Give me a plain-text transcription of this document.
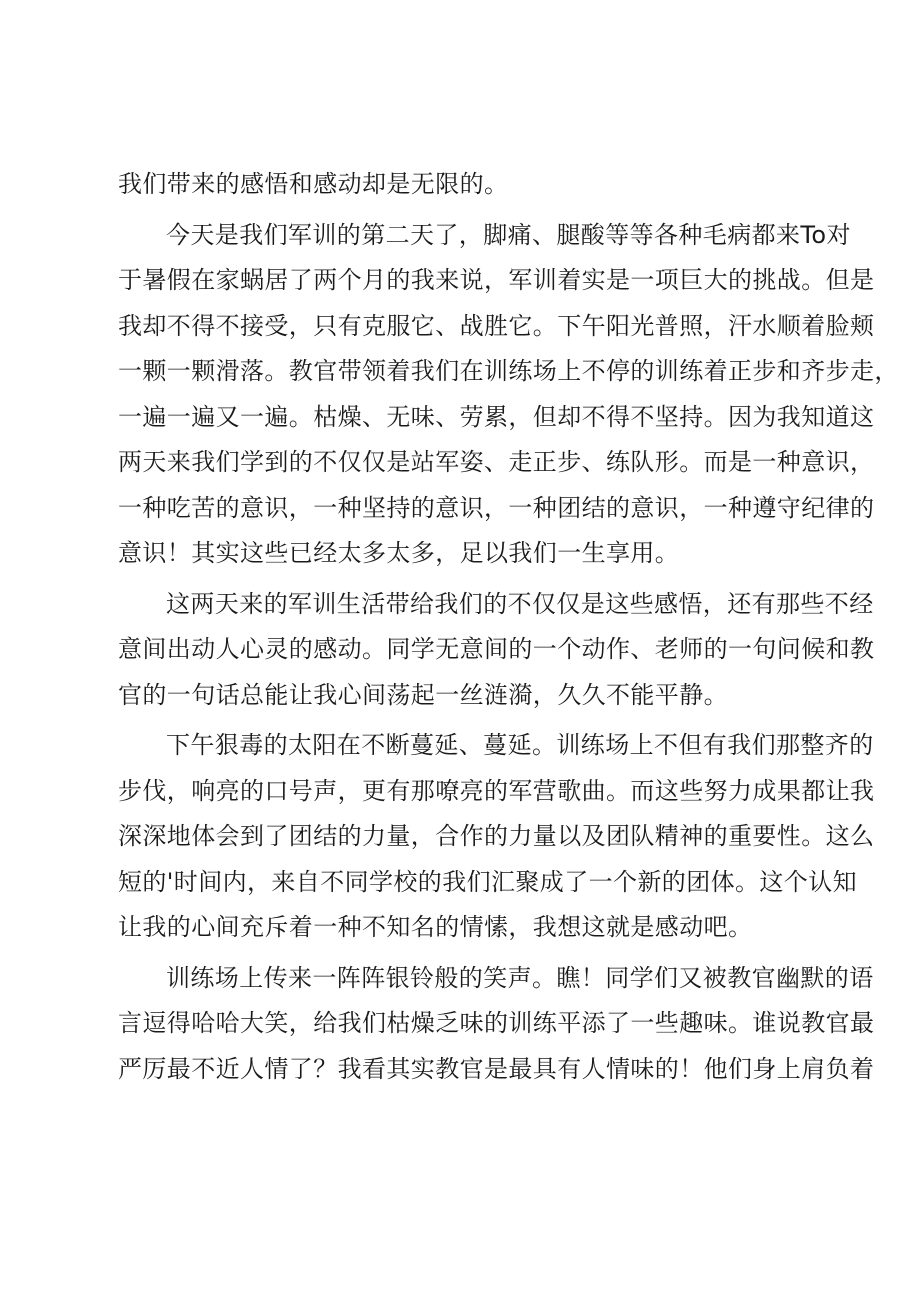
我们带来的感悟和感动却是无限的。
今天是我们军训的第二天了，脚痛、腿酸等等各种毛病都来To对
于暑假在家蜗居了两个月的我来说，军训着实是一项巨大的挑战。但是
我却不得不接受，只有克服它、战胜它。下午阳光普照，汗水顺着脸颊
一颗一颗滑落。教官带领着我们在训练场上不停的训练着正步和齐步走，
一遍一遍又一遍。枯燥、无味、劳累，但却不得不坚持。因为我知道这
两天来我们学到的不仅仅是站军姿、走正步、练队形。而是一种意识，
一种吃苦的意识，一种坚持的意识，一种团结的意识，一种遵守纪律的
意识！其实这些已经太多太多，足以我们一生享用。
这两天来的军训生活带给我们的不仅仅是这些感悟，还有那些不经
意间出动人心灵的感动。同学无意间的一个动作、老师的一句问候和教
官的一句话总能让我心间荡起一丝涟漪，久久不能平静。
下午狠毒的太阳在不断蔓延、蔓延。训练场上不但有我们那整齐的
步伐，响亮的口号声，更有那嘹亮的军营歌曲。而这些努力成果都让我
深深地体会到了团结的力量，合作的力量以及团队精神的重要性。这么
短的'时间内，来自不同学校的我们汇聚成了一个新的团体。这个认知
让我的心间充斥着一种不知名的情愫，我想这就是感动吧。
训练场上传来一阵阵银铃般的笑声。瞧！同学们又被教官幽默的语
言逗得哈哈大笑，给我们枯燥乏味的训练平添了一些趣味。谁说教官最
严厉最不近人情了？我看其实教官是最具有人情味的！他们身上肩负着
